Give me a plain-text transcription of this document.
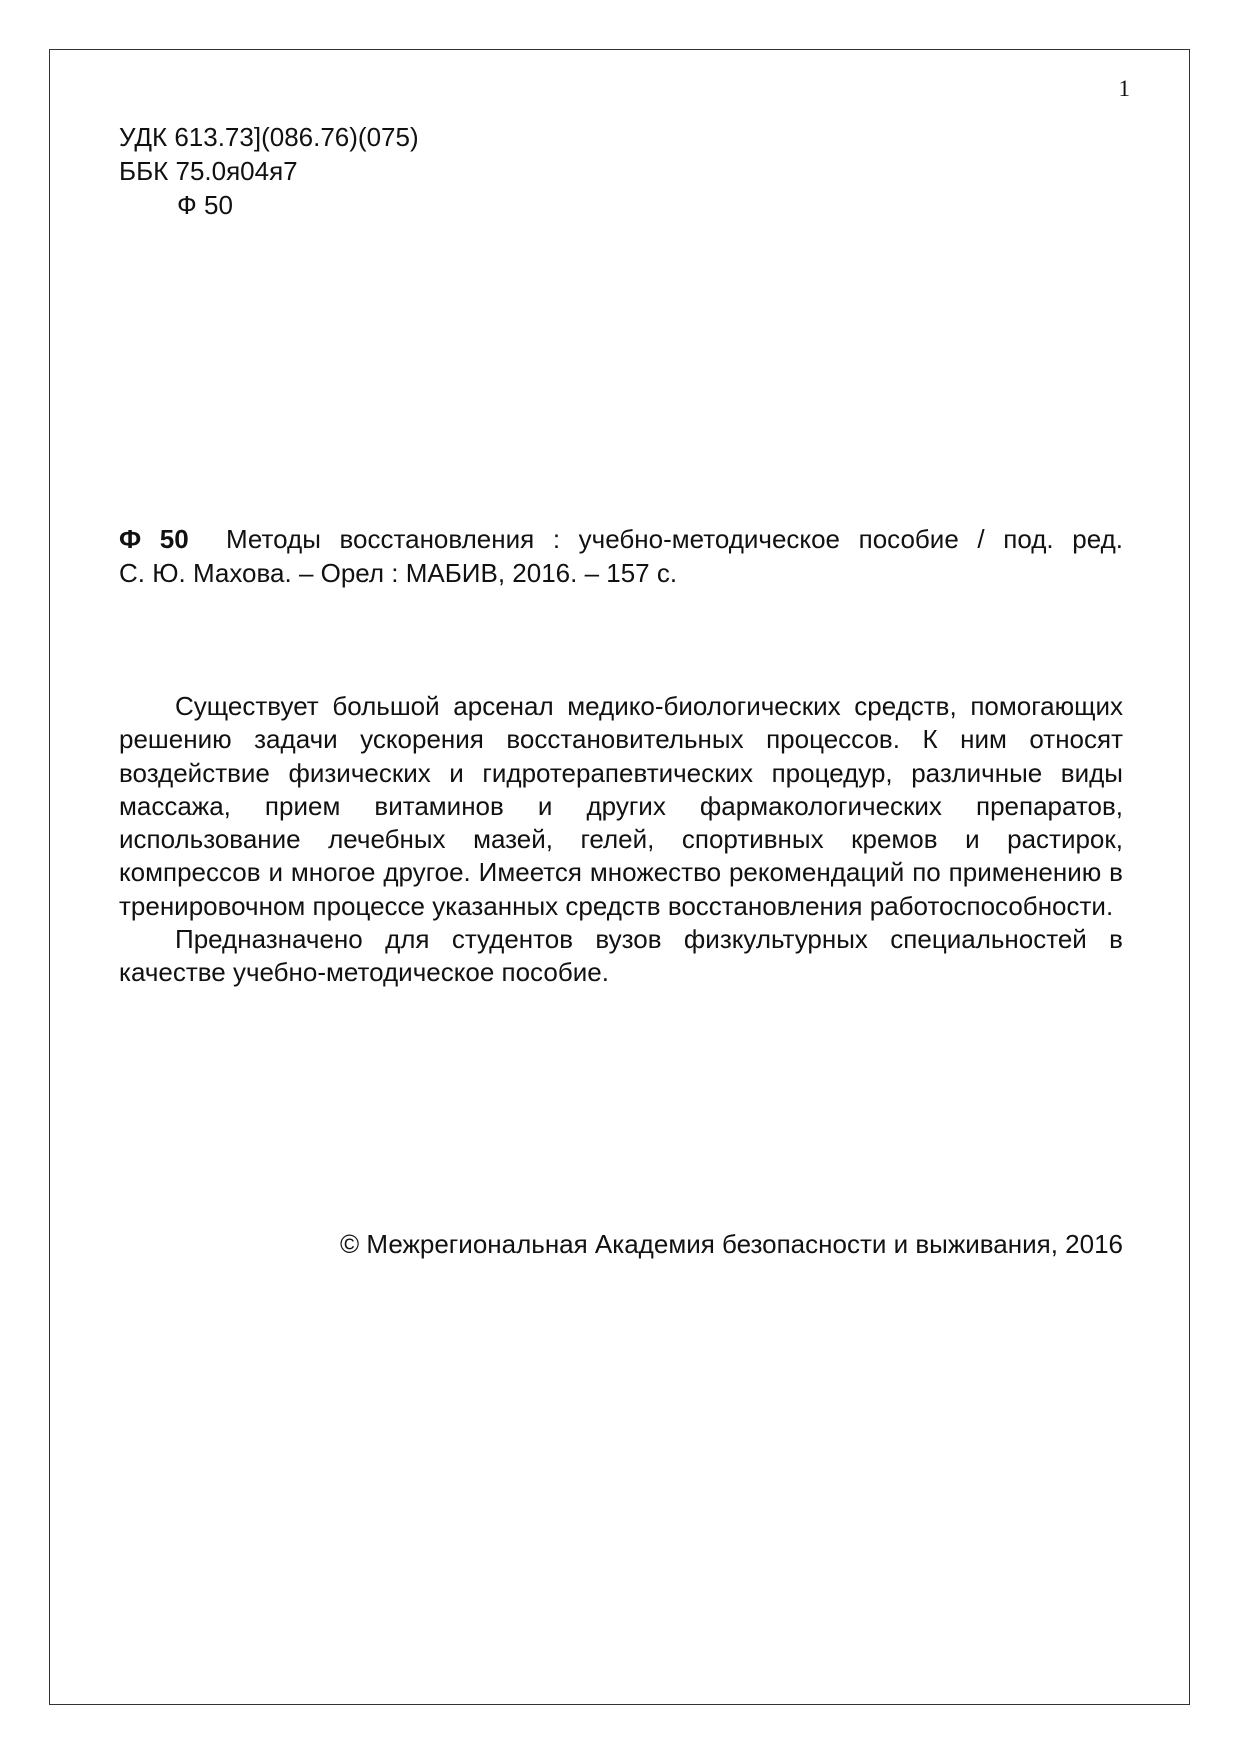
1
УДК 613.73](086.76)(075)
ББК 75.0я04я7
Ф 50
Ф 50 Методы восстановления : учебно-методическое пособие / под. ред.
С. Ю. Махова. – Орел : МАБИВ, 2016. – 157 с.

Существует большой арсенал медико-биологических средств, помогающих решению задачи ускорения восстановительных процессов. К ним относят воздействие физических и гидротерапевтических процедур, различные виды массажа, прием витаминов и других фармакологических препаратов, использование лечебных мазей, гелей, спортивных кремов и растирок, компрессов и многое другое. Имеется множество рекомендаций по применению в тренировочном процессе указанных средств восстановления работоспособности.

Предназначено для студентов вузов физкультурных специальностей в качестве учебно-методическое пособие.

© Межрегиональная Академия безопасности и выживания, 2016
